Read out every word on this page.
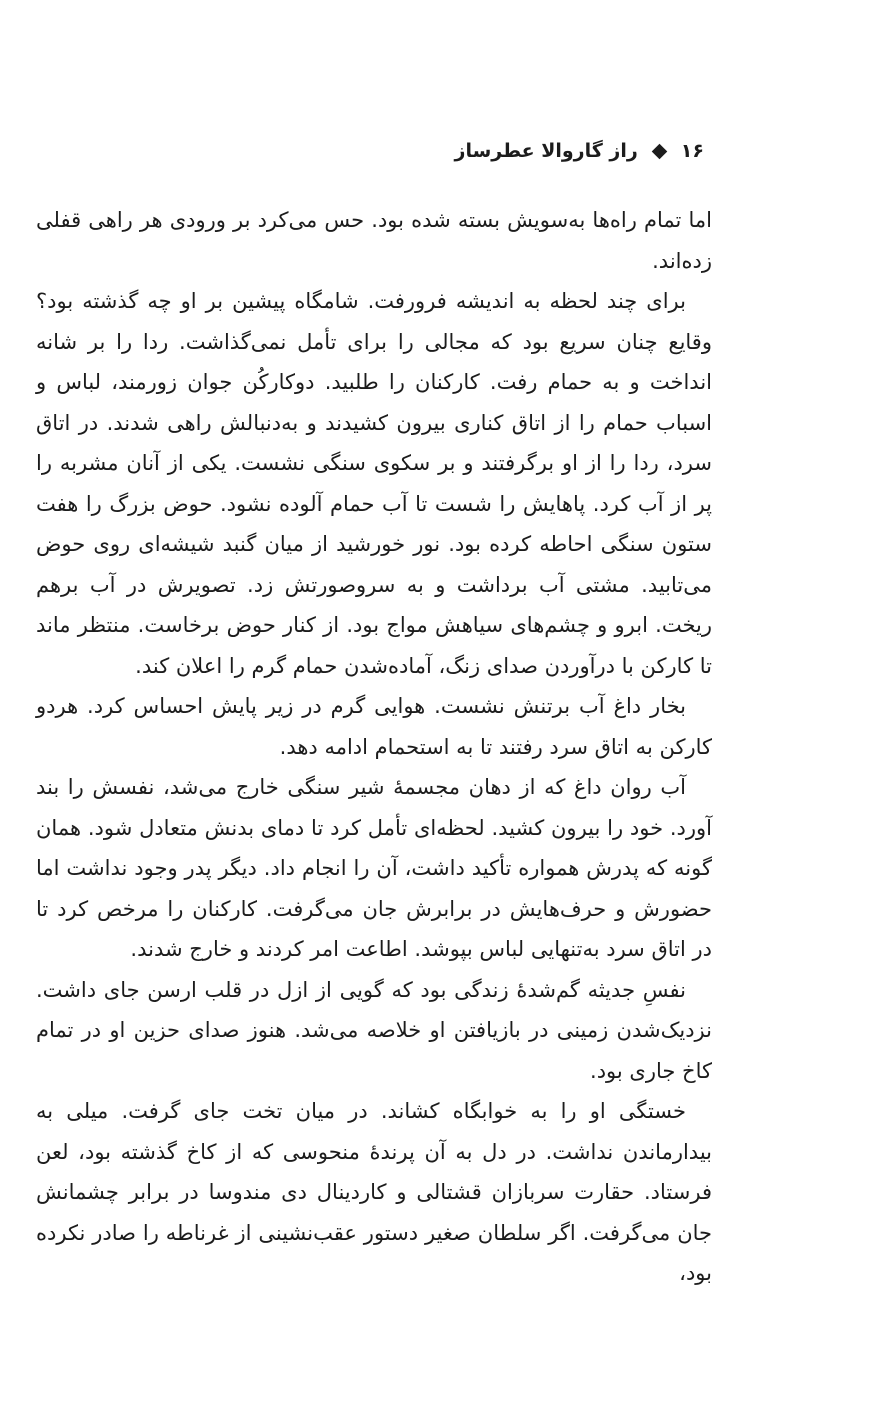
۱۶
راز گاروالا عطرساز

اما تمام راه‌ها به‌سویش بسته شده بود. حس می‌کرد بر ورودی هر راهی قفلی زده‌اند.

برای چند لحظه به اندیشه فرورفت. شامگاه پیشین بر او چه گذشته بود؟ وقایع چنان سریع بود که مجالی را برای تأمل نمی‌گذاشت. ردا را بر شانه انداخت و به حمام رفت. کارکنان را طلبید. دوکارکُن جوان زورمند، لباس و اسباب حمام را از اتاق کناری بیرون کشیدند و به‌دنبالش راهی شدند. در اتاق سرد، ردا را از او برگرفتند و بر سکوی سنگی نشست. یکی از آنان مشربه را پر از آب کرد. پاهایش را شست تا آب حمام آلوده نشود. حوض بزرگ را هفت ستون سنگی احاطه کرده بود. نور خورشید از میان گنبد شیشه‌ای روی حوض می‌تابید. مشتی آب برداشت و به سروصورتش زد. تصویرش در آب برهم ریخت. ابرو و چشم‌های سیاهش مواج بود. از کنار حوض برخاست. منتظر ماند تا کارکن با درآوردن صدای زنگ، آماده‌شدن حمام گرم را اعلان کند.

بخار داغ آب برتنش نشست. هوایی گرم در زیر پایش احساس کرد. هردو کارکن به اتاق سرد رفتند تا به استحمام ادامه دهد.

آب روان داغ که از دهان مجسمهٔ شیر سنگی خارج می‌شد، نفسش را بند آورد. خود را بیرون کشید. لحظه‌ای تأمل کرد تا دمای بدنش متعادل شود. همان گونه که پدرش همواره تأکید داشت، آن را انجام داد. دیگر پدر وجود نداشت اما حضورش و حرف‌هایش در برابرش جان می‌گرفت. کارکنان را مرخص کرد تا در اتاق سرد به‌تنهایی لباس بپوشد. اطاعت امر کردند و خارج شدند.

نفسِ جدیثه گم‌شدهٔ زندگی بود که گویی از ازل در قلب ارسن جای داشت. نزدیک‌شدن زمینی در بازیافتن او خلاصه می‌شد. هنوز صدای حزین او در تمام کاخ جاری بود.

خستگی او را به خوابگاه کشاند. در میان تخت جای گرفت. میلی به بیدارماندن نداشت. در دل به آن پرندهٔ منحوسی که از کاخ گذشته بود، لعن فرستاد. حقارت سربازان قشتالی و کاردینال دی مندوسا در برابر چشمانش جان می‌گرفت. اگر سلطان صغیر دستور عقب‌نشینی از غرناطه را صادر نکرده بود،
